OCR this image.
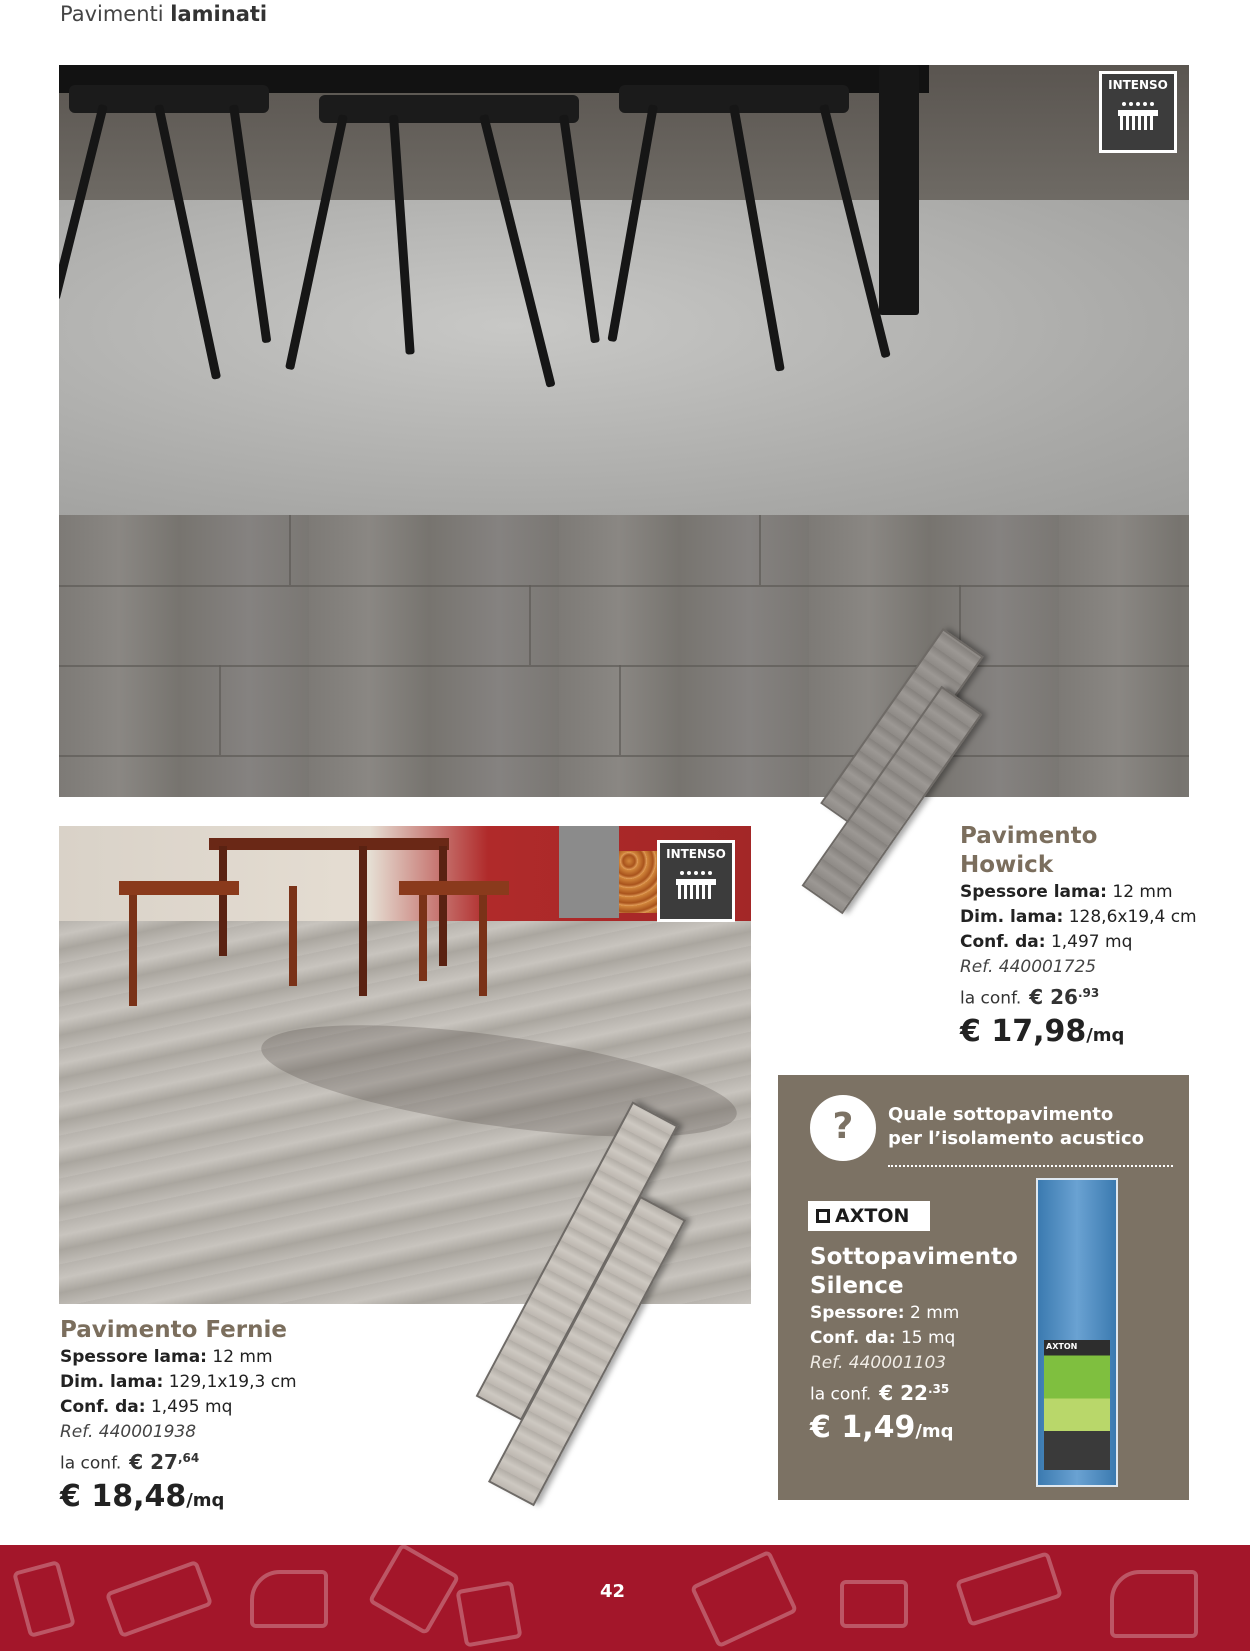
Pavimenti laminati
INTENSO
Pavimento
Howick
Spessore lama: 12 mm
Dim. lama: 128,6x19,4 cm
Conf. da: 1,497 mq
Ref. 440001725
la conf. € $26^{.93}$
€ 17,98/mq
INTENSO
Pavimento Fernie
Spessore lama: 12 mm
Dim. lama: 129,1x19,3 cm
Conf. da: 1,495 mq
Ref. 440001938
la conf. € $27^{,64}$
€ 18,48/mq
?	Quale sottopavimento
per l’isolamento acustico
AXTON
Sottopavimento
Silence
Spessore: 2 mm
Conf. da: 15 mq
Ref. 440001103
la conf. € $22^{.35}$
€ 1,49/mq
AXTON
42
